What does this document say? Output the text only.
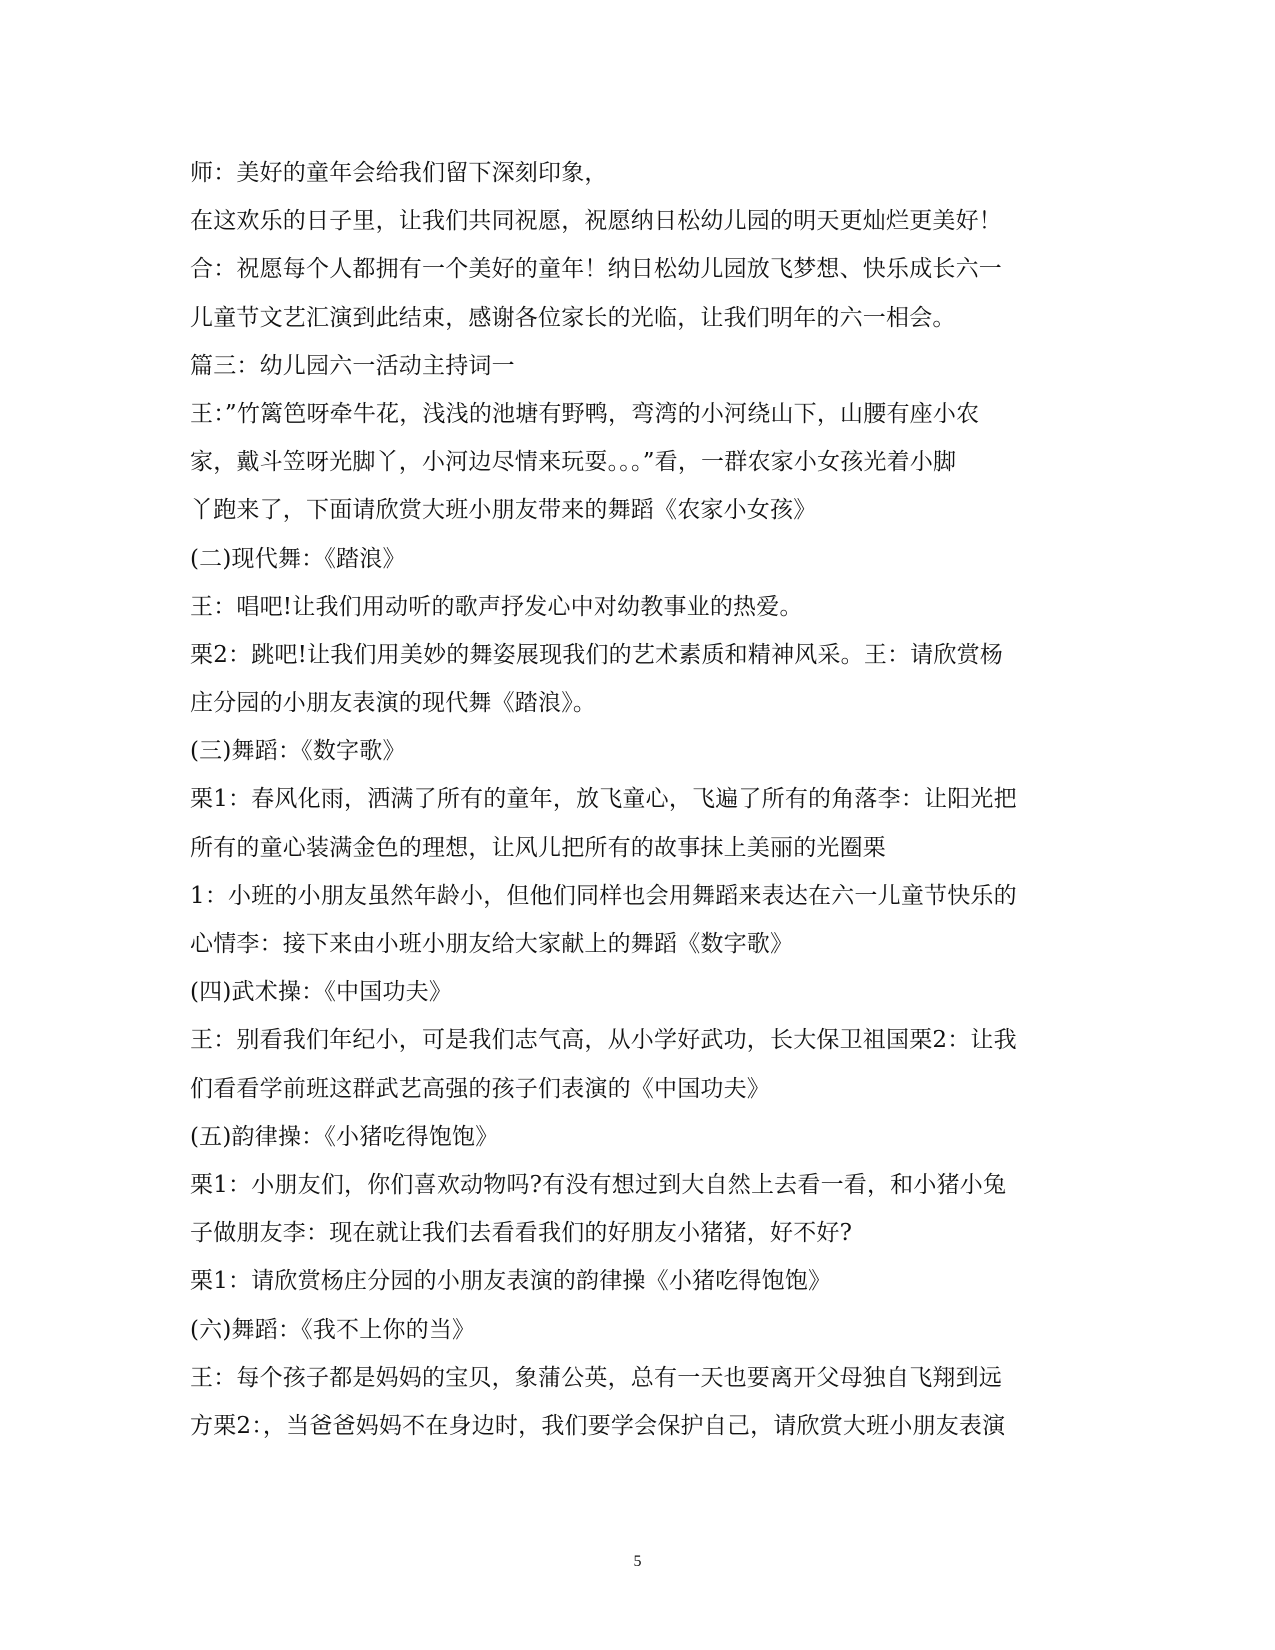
师：美好的童年会给我们留下深刻印象，
在这欢乐的日子里，让我们共同祝愿，祝愿纳日松幼儿园的明天更灿烂更美好！
合：祝愿每个人都拥有一个美好的童年！纳日松幼儿园放飞梦想、快乐成长六一
儿童节文艺汇演到此结束，感谢各位家长的光临，让我们明年的六一相会。
篇三：幼儿园六一活动主持词一
王：”竹篱笆呀牵牛花，浅浅的池塘有野鸭，弯湾的小河绕山下，山腰有座小农
家，戴斗笠呀光脚丫，小河边尽情来玩耍。。。”看，一群农家小女孩光着小脚
丫跑来了，下面请欣赏大班小朋友带来的舞蹈《农家小女孩》
(二)现代舞：《踏浪》
王：唱吧!让我们用动听的歌声抒发心中对幼教事业的热爱。
栗2：跳吧!让我们用美妙的舞姿展现我们的艺术素质和精神风采。王：请欣赏杨
庄分园的小朋友表演的现代舞《踏浪》。
(三)舞蹈：《数字歌》
栗1：春风化雨，洒满了所有的童年，放飞童心，飞遍了所有的角落李：让阳光把
所有的童心装满金色的理想，让风儿把所有的故事抹上美丽的光圈栗
1：小班的小朋友虽然年龄小，但他们同样也会用舞蹈来表达在六一儿童节快乐的
心情李：接下来由小班小朋友给大家献上的舞蹈《数字歌》
(四)武术操：《中国功夫》
王：别看我们年纪小，可是我们志气高，从小学好武功，长大保卫祖国栗2：让我
们看看学前班这群武艺高强的孩子们表演的《中国功夫》
(五)韵律操：《小猪吃得饱饱》
栗1：小朋友们，你们喜欢动物吗?有没有想过到大自然上去看一看，和小猪小兔
子做朋友李：现在就让我们去看看我们的好朋友小猪猪，好不好?
栗1：请欣赏杨庄分园的小朋友表演的韵律操《小猪吃得饱饱》
(六)舞蹈：《我不上你的当》
王：每个孩子都是妈妈的宝贝，象蒲公英，总有一天也要离开父母独自飞翔到远
方栗2：，当爸爸妈妈不在身边时，我们要学会保护自己，请欣赏大班小朋友表演
5
